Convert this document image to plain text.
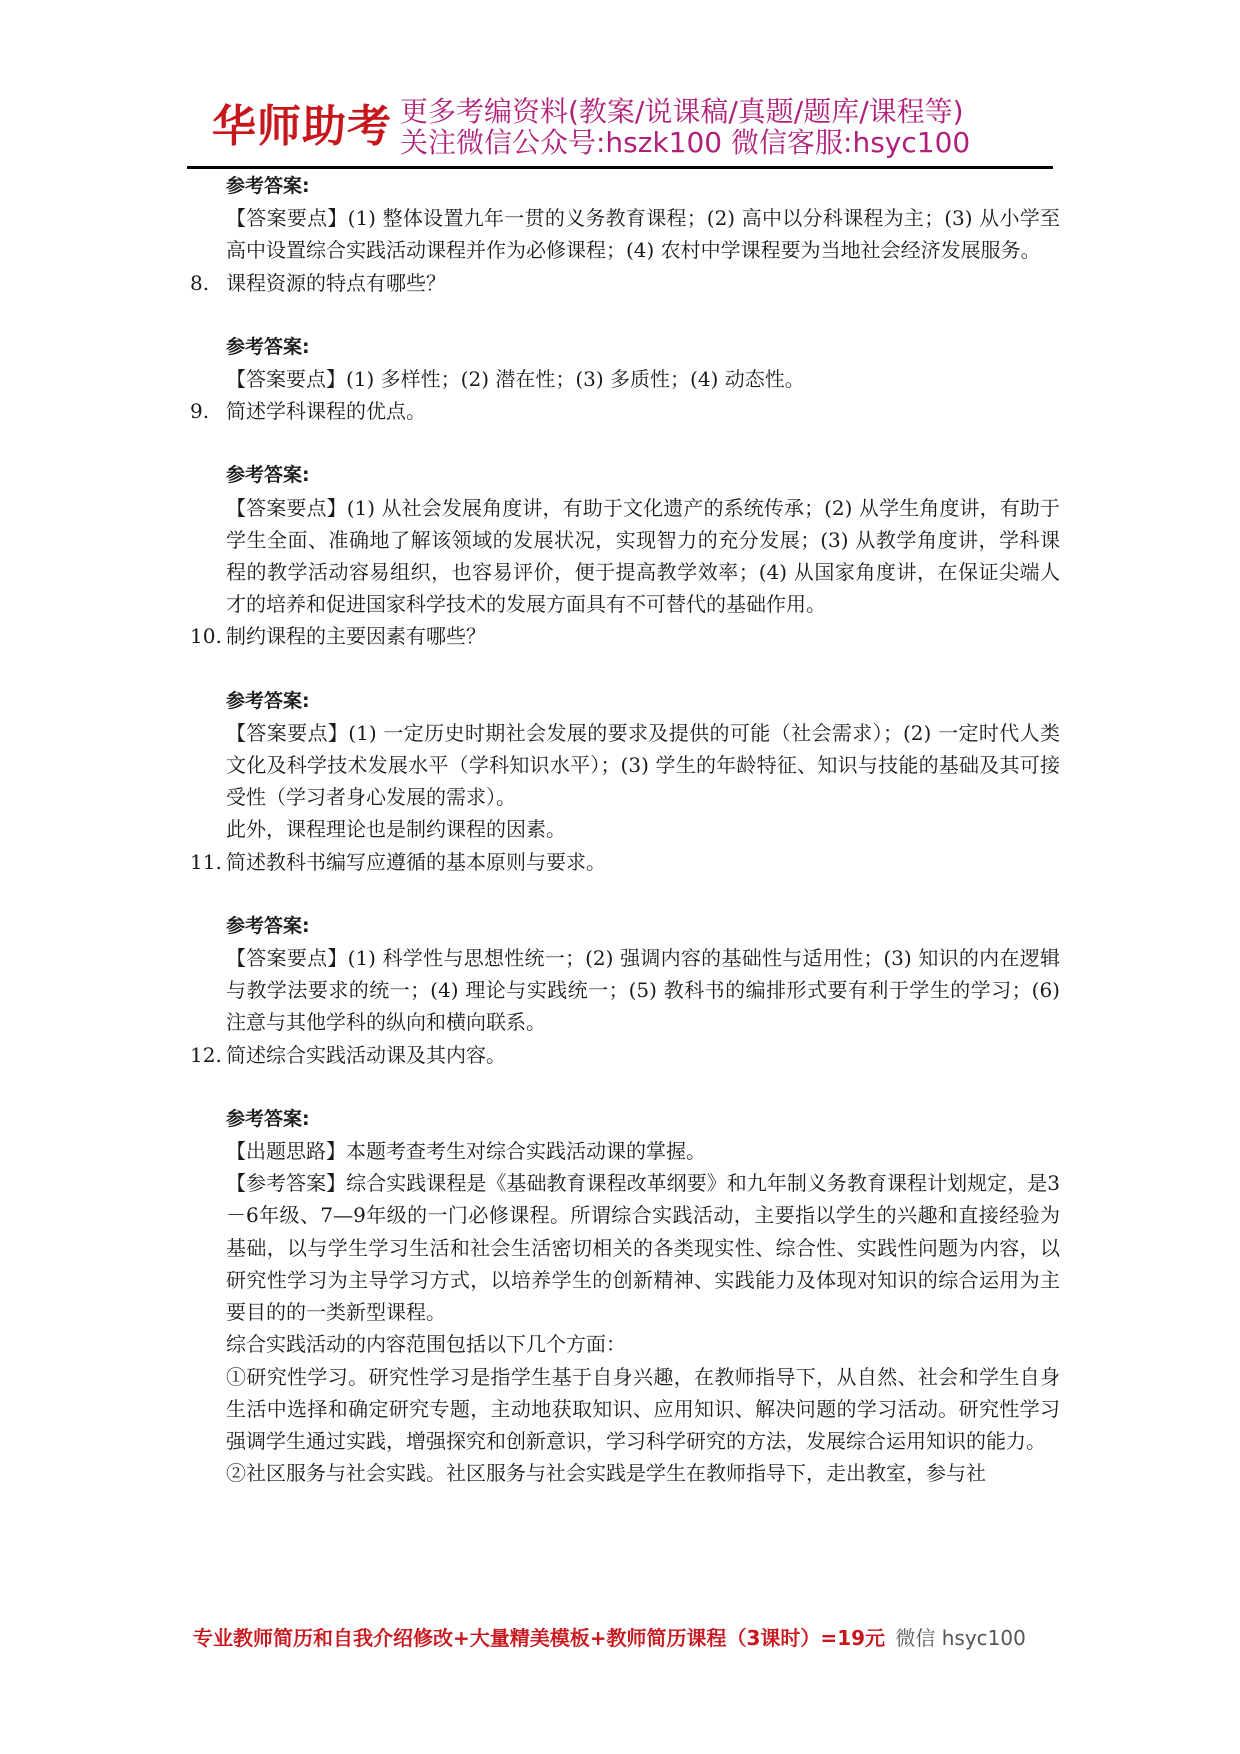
华师助考 更多考编资料(教案/说课稿/真题/题库/课程等)
关注微信公众号:hszk100 微信客服:hsyc100
参考答案:
【答案要点】(1) 整体设置九年一贯的义务教育课程；(2) 高中以分科课程为主；(3) 从小学至高中设置综合实践活动课程并作为必修课程；(4) 农村中学课程要为当地社会经济发展服务。
8. 课程资源的特点有哪些？
参考答案:
【答案要点】(1) 多样性；(2) 潜在性；(3) 多质性；(4) 动态性。
9. 简述学科课程的优点。
参考答案:
【答案要点】(1) 从社会发展角度讲，有助于文化遗产的系统传承；(2) 从学生角度讲，有助于学生全面、准确地了解该领域的发展状况，实现智力的充分发展；(3) 从教学角度讲，学科课程的教学活动容易组织，也容易评价，便于提高教学效率；(4) 从国家角度讲，在保证尖端人才的培养和促进国家科学技术的发展方面具有不可替代的基础作用。
10. 制约课程的主要因素有哪些？
参考答案:
【答案要点】(1) 一定历史时期社会发展的要求及提供的可能（社会需求）；(2) 一定时代人类文化及科学技术发展水平（学科知识水平）；(3) 学生的年龄特征、知识与技能的基础及其可接受性（学习者身心发展的需求）。
此外，课程理论也是制约课程的因素。
11. 简述教科书编写应遵循的基本原则与要求。
参考答案:
【答案要点】(1) 科学性与思想性统一；(2) 强调内容的基础性与适用性；(3) 知识的内在逻辑与教学法要求的统一；(4) 理论与实践统一；(5) 教科书的编排形式要有利于学生的学习；(6) 注意与其他学科的纵向和横向联系。
12. 简述综合实践活动课及其内容。
参考答案:
【出题思路】本题考查考生对综合实践活动课的掌握。
【参考答案】综合实践课程是《基础教育课程改革纲要》和九年制义务教育课程计划规定，是3－6年级、7—9年级的一门必修课程。所谓综合实践活动，主要指以学生的兴趣和直接经验为基础，以与学生学习生活和社会生活密切相关的各类现实性、综合性、实践性问题为内容，以研究性学习为主导学习方式，以培养学生的创新精神、实践能力及体现对知识的综合运用为主要目的的一类新型课程。
综合实践活动的内容范围包括以下几个方面：
①研究性学习。研究性学习是指学生基于自身兴趣，在教师指导下，从自然、社会和学生自身生活中选择和确定研究专题，主动地获取知识、应用知识、解决问题的学习活动。研究性学习强调学生通过实践，增强探究和创新意识，学习科学研究的方法，发展综合运用知识的能力。
②社区服务与社会实践。社区服务与社会实践是学生在教师指导下，走出教室，参与社
专业教师简历和自我介绍修改+大量精美模板+教师简历课程（3课时）=19元 微信 hsyc100
